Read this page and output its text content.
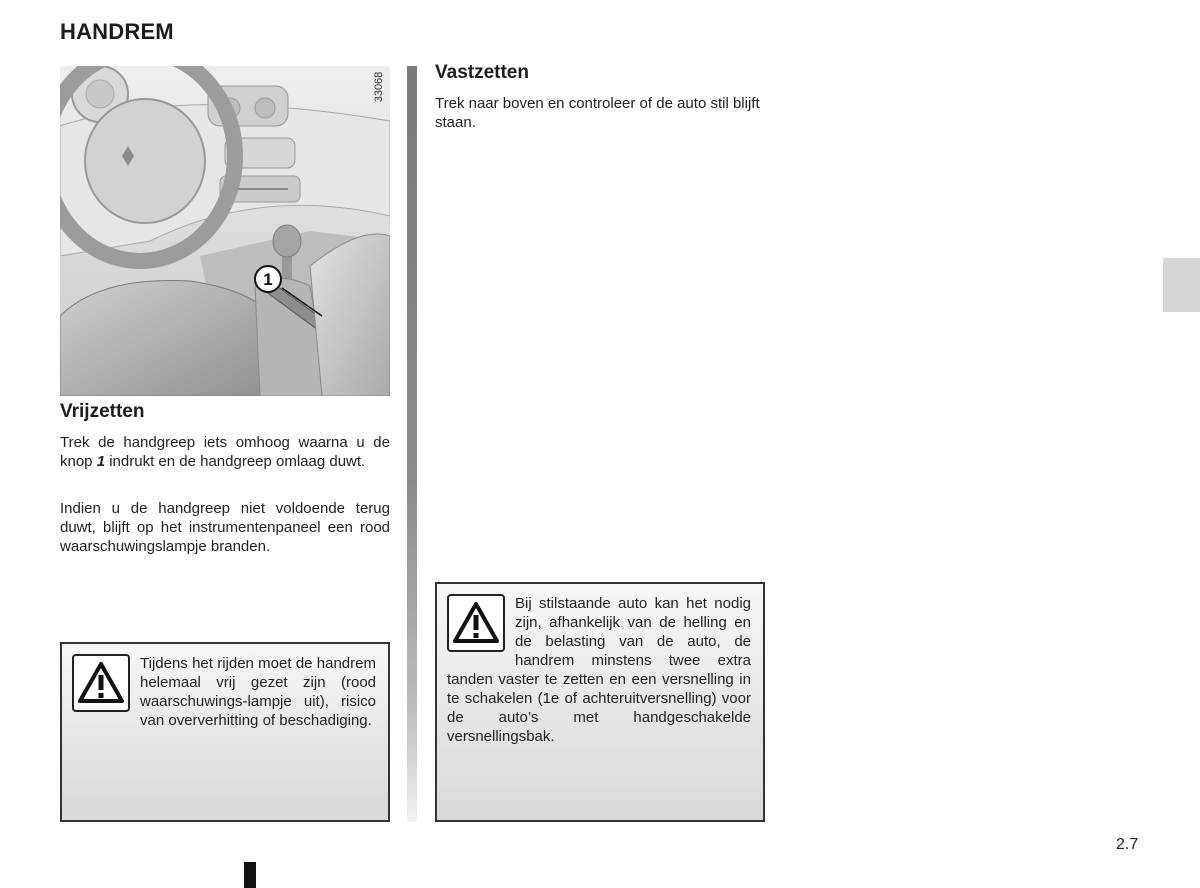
HANDREM
1
33068
Vrijzetten

Trek de handgreep iets omhoog waarna u de knop 1 indrukt en de handgreep omlaag duwt.

Indien u de handgreep niet voldoende terug duwt, blijft op het instrumentenpaneel een rood waarschuwingslampje branden.

Tijdens het rijden moet de handrem helemaal vrij gezet zijn (rood waarschuwings-lampje uit), risico van oververhitting of beschadiging.

Vastzetten

Trek naar boven en controleer of de auto stil blijft staan.

Bij stilstaande auto kan het nodig zijn, afhankelijk van de helling en de belasting van de auto, de handrem minstens twee extra tanden vaster te zetten en een versnelling in te schakelen (1e of achteruitversnelling) voor de auto’s met handgeschakelde versnellingsbak.

2.7
